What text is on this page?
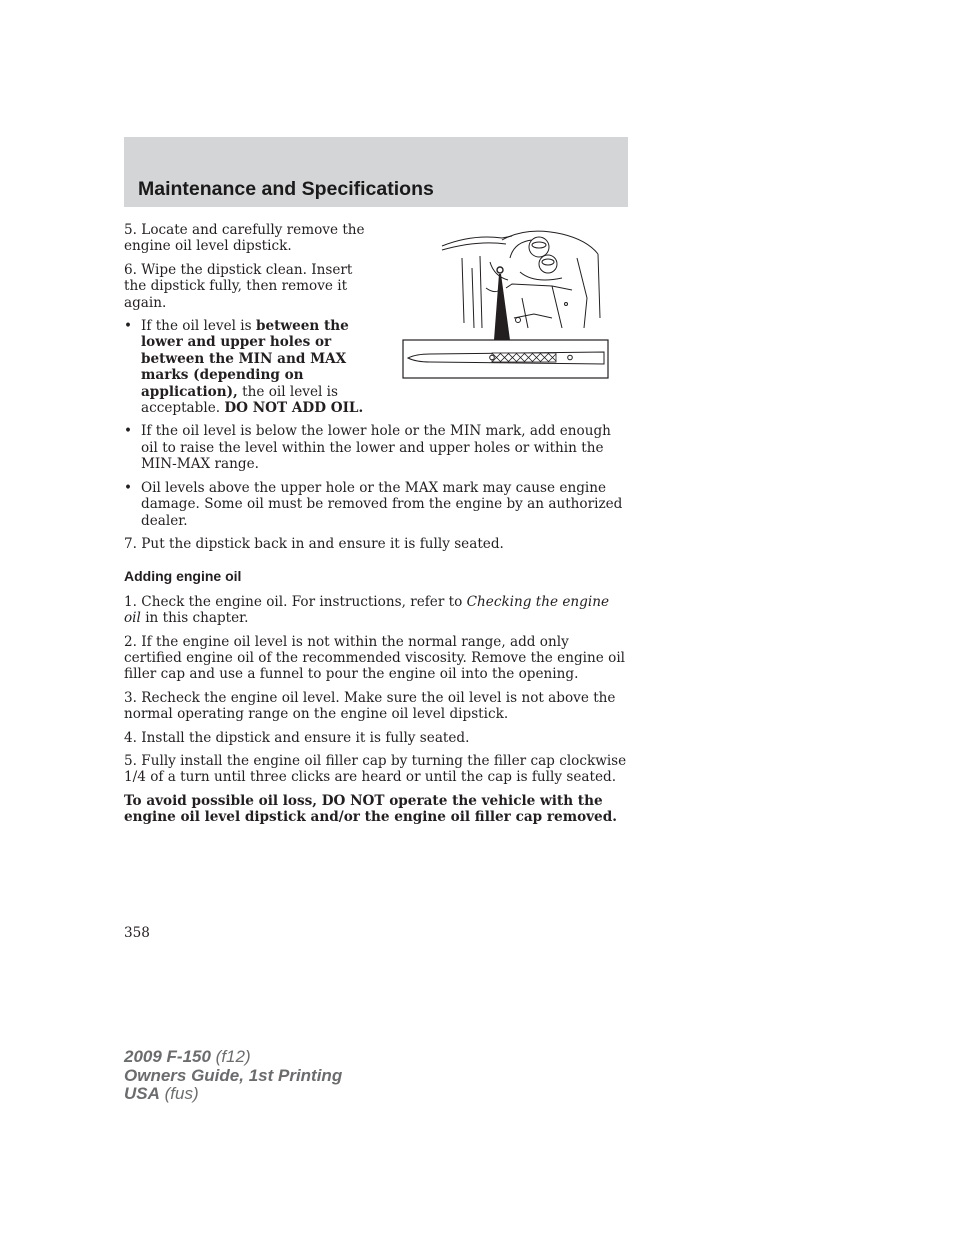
Maintenance and Specifications

5. Locate and carefully remove the engine oil level dipstick.

6. Wipe the dipstick clean. Insert the dipstick fully, then remove it again.

• If the oil level is between the lower and upper holes or between the MIN and MAX marks (depending on application), the oil level is acceptable. DO NOT ADD OIL.
• If the oil level is below the lower hole or the MIN mark, add enough oil to raise the level within the lower and upper holes or within the MIN-MAX range.
• Oil levels above the upper hole or the MAX mark may cause engine damage. Some oil must be removed from the engine by an authorized dealer.

7. Put the dipstick back in and ensure it is fully seated.

Adding engine oil

1. Check the engine oil. For instructions, refer to Checking the engine oil in this chapter.

2. If the engine oil level is not within the normal range, add only certified engine oil of the recommended viscosity. Remove the engine oil filler cap and use a funnel to pour the engine oil into the opening.

3. Recheck the engine oil level. Make sure the oil level is not above the normal operating range on the engine oil level dipstick.

4. Install the dipstick and ensure it is fully seated.

5. Fully install the engine oil filler cap by turning the filler cap clockwise 1/4 of a turn until three clicks are heard or until the cap is fully seated.

To avoid possible oil loss, DO NOT operate the vehicle with the engine oil level dipstick and/or the engine oil filler cap removed.

358
2009 F-150 (f12)
Owners Guide, 1st Printing
USA (fus)
